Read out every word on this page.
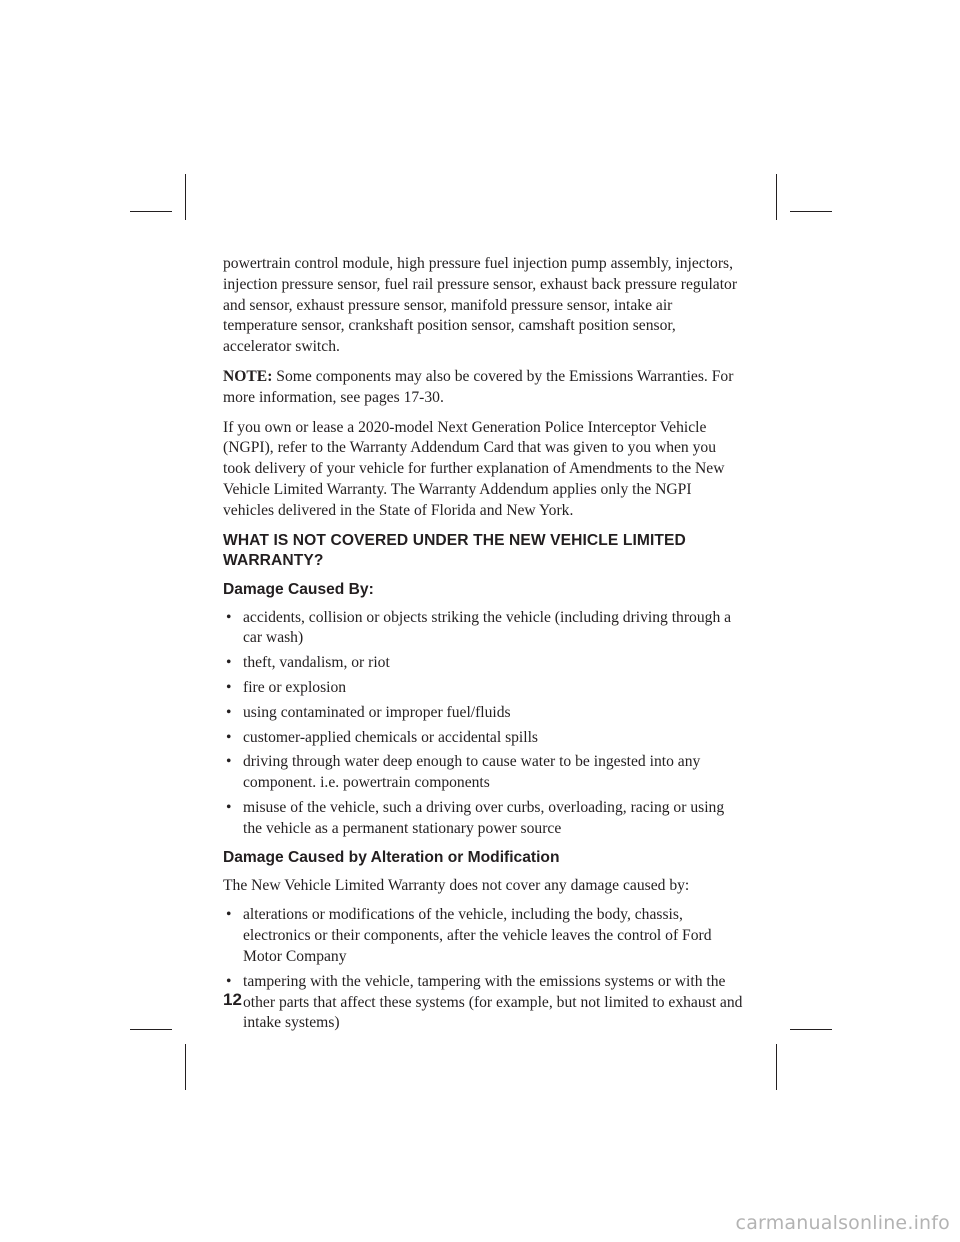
powertrain control module, high pressure fuel injection pump assembly, injectors, injection pressure sensor, fuel rail pressure sensor, exhaust back pressure regulator and sensor, exhaust pressure sensor, manifold pressure sensor, intake air temperature sensor, crankshaft position sensor, camshaft position sensor, accelerator switch.

NOTE: Some components may also be covered by the Emissions Warranties. For more information, see pages 17-30.

If you own or lease a 2020-model Next Generation Police Interceptor Vehicle (NGPI), refer to the Warranty Addendum Card that was given to you when you took delivery of your vehicle for further explanation of Amendments to the New Vehicle Limited Warranty. The Warranty Addendum applies only the NGPI vehicles delivered in the State of Florida and New York.

WHAT IS NOT COVERED UNDER THE NEW VEHICLE LIMITED WARRANTY?
Damage Caused By:
• accidents, collision or objects striking the vehicle (including driving through a car wash)
• theft, vandalism, or riot
• fire or explosion
• using contaminated or improper fuel/fluids
• customer-applied chemicals or accidental spills
• driving through water deep enough to cause water to be ingested into any component. i.e. powertrain components
• misuse of the vehicle, such a driving over curbs, overloading, racing or using the vehicle as a permanent stationary power source
Damage Caused by Alteration or Modification

The New Vehicle Limited Warranty does not cover any damage caused by:

• alterations or modifications of the vehicle, including the body, chassis, electronics or their components, after the vehicle leaves the control of Ford Motor Company
• tampering with the vehicle, tampering with the emissions systems or with the other parts that affect these systems (for example, but not limited to exhaust and intake systems)
12
carmanualsonline.info
